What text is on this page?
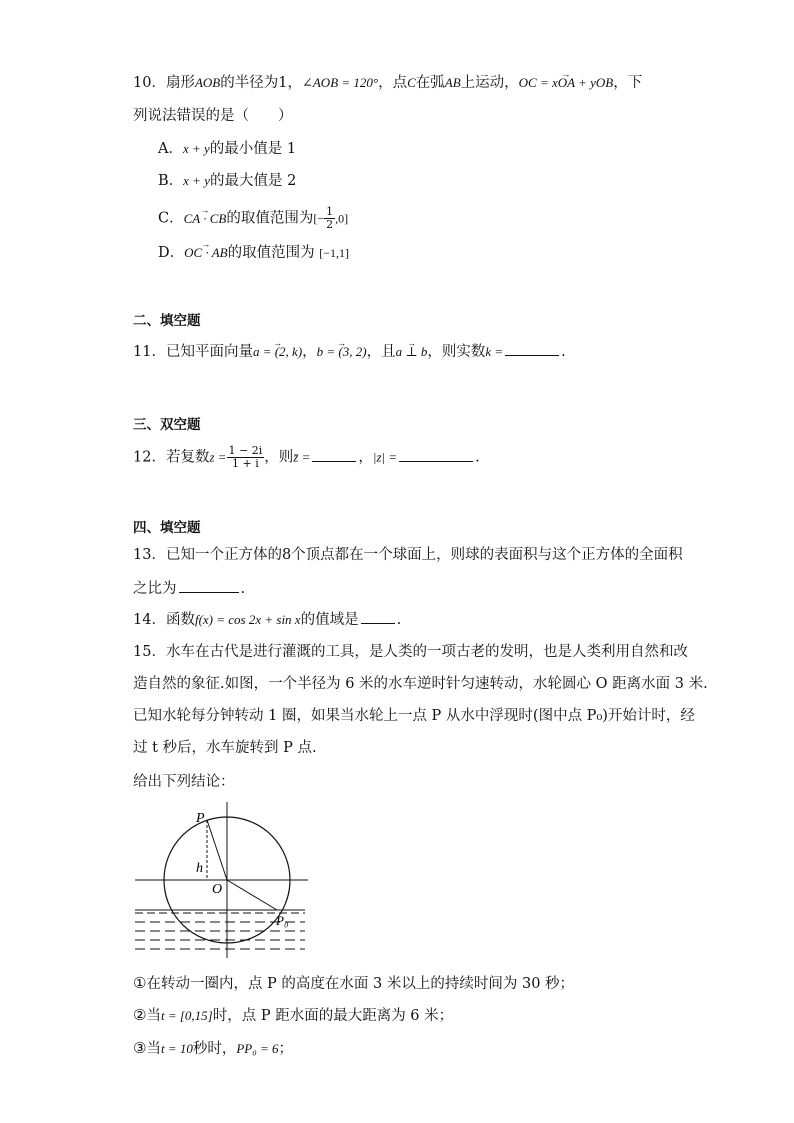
10．扇形AOB的半径为1，∠AOB = 120°，点C在弧AB上运动，→ OC = xOA + yOB，下
列说法错误的是（　　）
A．x + y的最小值是 1
B．x + y的最大值是 2
C．→ CA · CB的取值范围为[− $\frac{1}{2} ,0$]
D．→ OC · AB的取值范围为 [−1,1]
二、填空题
11．已知平面向量→ a = (2, k)，→ b = (3, 2)，且→ a ⊥ b，则实数k =	.
三、双空题
12．若复数$z = \frac{1 - 2i}{1 + i}$ ，则z̄ =	，|z| =	.
四、填空题
13．已知一个正方体的8个顶点都在一个球面上，则球的表面积与这个正方体的全面积
之比为	.
14．函数f(x) = cos 2x + sin x的值域是	.
15．水车在古代是进行灌溉的工具，是人类的一项古老的发明，也是人类利用自然和改
造自然的象征.如图，一个半径为 6 米的水车逆时针匀速转动，水轮圆心 O 距离水面 3 米.
已知水轮每分钟转动 1 圈，如果当水轮上一点 P 从水中浮现时(图中点 P₀)开始计时，经
过 t 秒后，水车旋转到 P 点.
给出下列结论：
P
h
O
P₀
①在转动一圈内，点 P 的高度在水面 3 米以上的持续时间为 30 秒；
②当t = [0,15]时，点 P 距水面的最大距离为 6 米；
③当t = 10秒时，PP₀ = 6；
